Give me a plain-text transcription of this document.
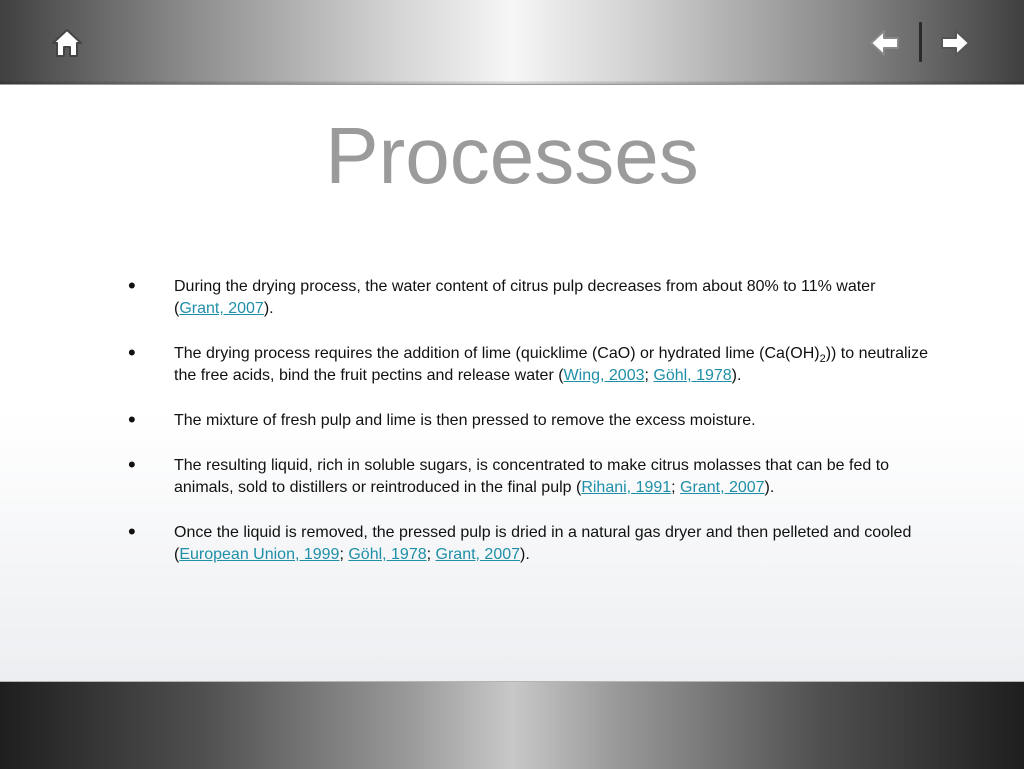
Processes
• During the drying process, the water content of citrus pulp decreases from about 80% to 11% water (Grant, 2007).
• The drying process requires the addition of lime (quicklime (CaO) or hydrated lime $(Ca(OH)_2)$) to neutralize the free acids, bind the fruit pectins and release water (Wing, 2003; Göhl, 1978).
• The mixture of fresh pulp and lime is then pressed to remove the excess moisture.
• The resulting liquid, rich in soluble sugars, is concentrated to make citrus molasses that can be fed to animals, sold to distillers or reintroduced in the final pulp (Rihani, 1991; Grant, 2007).
• Once the liquid is removed, the pressed pulp is dried in a natural gas dryer and then pelleted and cooled (European Union, 1999; Göhl, 1978; Grant, 2007).
